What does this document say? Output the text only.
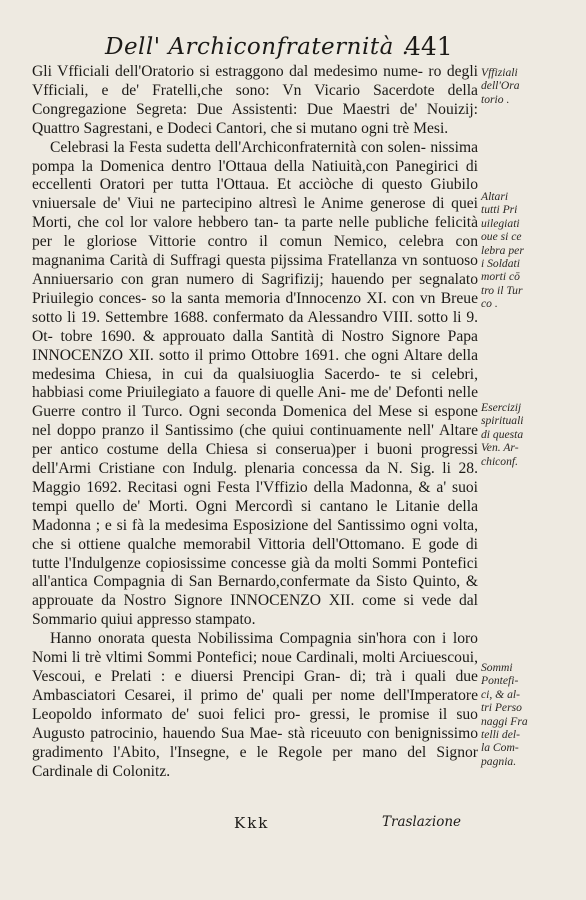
Dell' Archiconfraternità .
441

Gli Vfficiali dell'Oratorio si estraggono dal medesimo nume- ro degli Vfficiali, e de' Fratelli,che sono: Vn Vicario Sacerdote della Congregazione Segreta: Due Assistenti: Due Maestri de' Nouizij: Quattro Sagrestani, e Dodeci Cantori, che si mutano ogni trè Mesi.

Celebrasi la Festa sudetta dell'Archiconfraternità con solen- nissima pompa la Domenica dentro l'Ottaua della Natiuità,con Panegirici di eccellenti Oratori per tutta l'Ottaua. Et acciòche di questo Giubilo vniuersale de' Viui ne partecipino altresì le Anime generose di quei Morti, che col lor valore hebbero tan- ta parte nelle publiche felicità per le gloriose Vittorie contro il comun Nemico, celebra con magnanima Carità di Suffragi questa pijssima Fratellanza vn sontuoso Anniuersario con gran numero di Sagrifizij; hauendo per segnalato Priuilegio conces- so la santa memoria d'Innocenzo XI. con vn Breue sotto li 19. Settembre 1688. confermato da Alessandro VIII. sotto li 9. Ot- tobre 1690. & approuato dalla Santità di Nostro Signore Papa INNOCENZO XII. sotto il primo Ottobre 1691. che ogni Altare della medesima Chiesa, in cui da qualsiuoglia Sacerdo- te si celebri, habbiasi come Priuilegiato a fauore di quelle Ani- me de' Defonti nelle Guerre contro il Turco. Ogni seconda Domenica del Mese si espone nel doppo pranzo il Santissimo (che quiui continuamente nell' Altare per antico costume della Chiesa si conserua)per i buoni progressi dell'Armi Cristiane con Indulg. plenaria concessa da N. Sig. li 28. Maggio 1692. Recitasi ogni Festa l'Vffizio della Madonna, & a' suoi tempi quello de' Morti. Ogni Mercordì si cantano le Litanie della Madonna ; e si fà la medesima Esposizione del Santissimo ogni volta, che si ottiene qualche memorabil Vittoria dell'Ottomano. E gode di tutte l'Indulgenze copiosissime concesse già da molti Sommi Pontefici all'antica Compagnia di San Bernardo,confermate da Sisto Quinto, & approuate da Nostro Signore INNOCENZO XII. come si vede dal Sommario quiui appresso stampato.

Hanno onorata questa Nobilissima Compagnia sin'hora con i loro Nomi li trè vltimi Sommi Pontefici; noue Cardinali, molti Arciuescoui, Vescoui, e Prelati : e diuersi Prencipi Gran- di; trà i quali due Ambasciatori Cesarei, il primo de' quali per nome dell'Imperatore Leopoldo informato de' suoi felici pro- gressi, le promise il suo Augusto patrocinio, hauendo Sua Mae- stà riceuuto con benignissimo gradimento l'Abito, l'Insegne, e le Regole per mano del Signor Cardinale di Colonitz.

Vffiziali
dell'Ora
torio .
Altari
tutti Pri
uilegiati
oue si ce
lebra per
i Soldati
morti cō
tro il Tur
co .
Esercizij
spirituali
di questa
Ven. Ar-
chiconf.
Sommi
Pontefi-
ci, & al-
tri Perso
naggi Fra
telli del-
la Com-
pagnia.
Kkk	Traslazione
